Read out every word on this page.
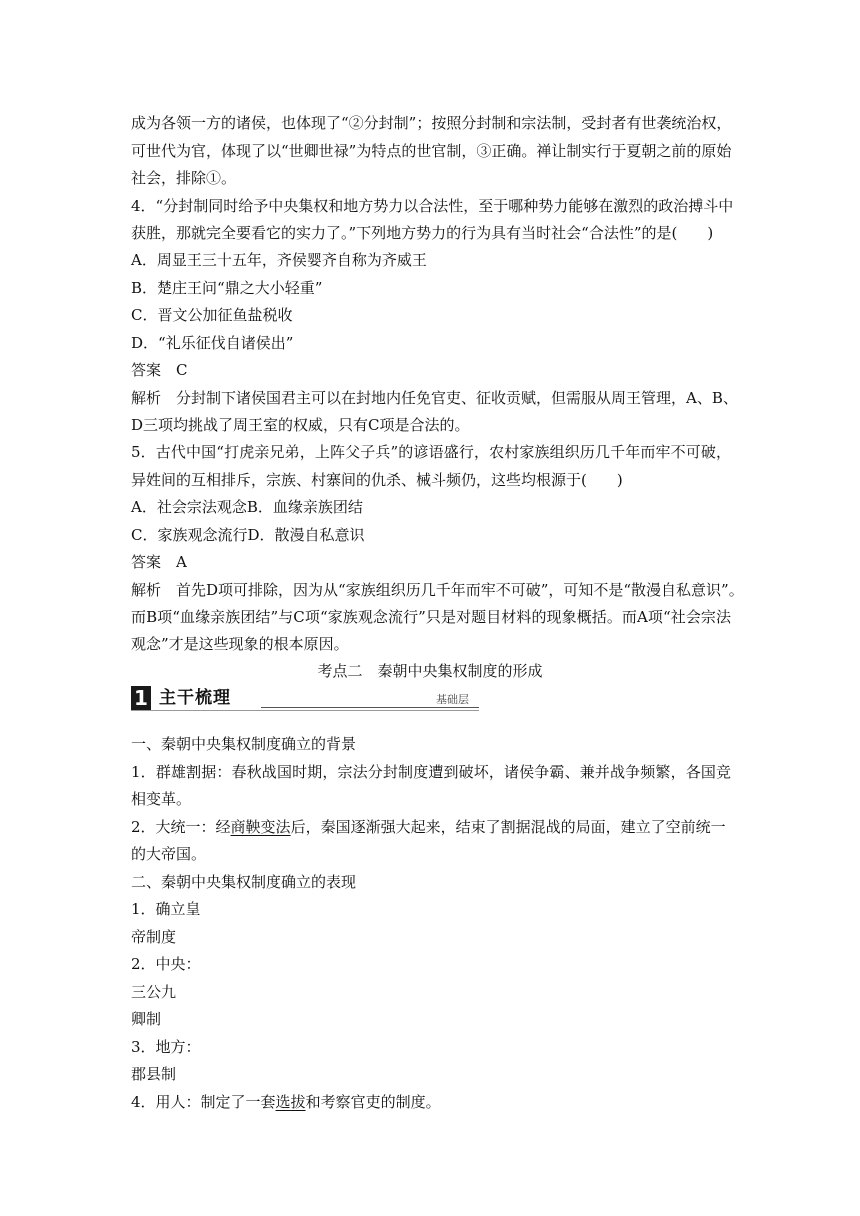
成为各领一方的诸侯，也体现了“②分封制”；按照分封制和宗法制，受封者有世袭统治权，
可世代为官，体现了以“世卿世禄”为特点的世官制，③正确。禅让制实行于夏朝之前的原始
社会，排除①。
4．“分封制同时给予中央集权和地方势力以合法性，至于哪种势力能够在激烈的政治搏斗中
获胜，那就完全要看它的实力了。”下列地方势力的行为具有当时社会“合法性”的是(　　)
A．周显王三十五年，齐侯婴齐自称为齐威王
B．楚庄王问“鼎之大小轻重”
C．晋文公加征鱼盐税收
D．“礼乐征伐自诸侯出”
答案　C
解析　分封制下诸侯国君主可以在封地内任免官吏、征收贡赋，但需服从周王管理，A、B、
D三项均挑战了周王室的权威，只有C项是合法的。
5．古代中国“打虎亲兄弟，上阵父子兵”的谚语盛行，农村家族组织历几千年而牢不可破，
异姓间的互相排斥，宗族、村寨间的仇杀、械斗频仍，这些均根源于(　　)
A．社会宗法观念B．血缘亲族团结
C．家族观念流行D．散漫自私意识
答案　A
解析　首先D项可排除，因为从“家族组织历几千年而牢不可破”，可知不是“散漫自私意识”。
而B项“血缘亲族团结”与C项“家族观念流行”只是对题目材料的现象概括。而A项“社会宗法
观念”才是这些现象的根本原因。
考点二　秦朝中央集权制度的形成
1 主干梳理	基础层
一、秦朝中央集权制度确立的背景
1．群雄割据：春秋战国时期，宗法分封制度遭到破坏，诸侯争霸、兼并战争频繁，各国竞
相变革。
2．大统一：经商鞅变法后，秦国逐渐强大起来，结束了割据混战的局面，建立了空前统一
的大帝国。
二、秦朝中央集权制度确立的表现
1．确立皇
帝制度
2．中央：
三公九
卿制
3．地方：
郡县制
4．用人：制定了一套选拔和考察官吏的制度。
